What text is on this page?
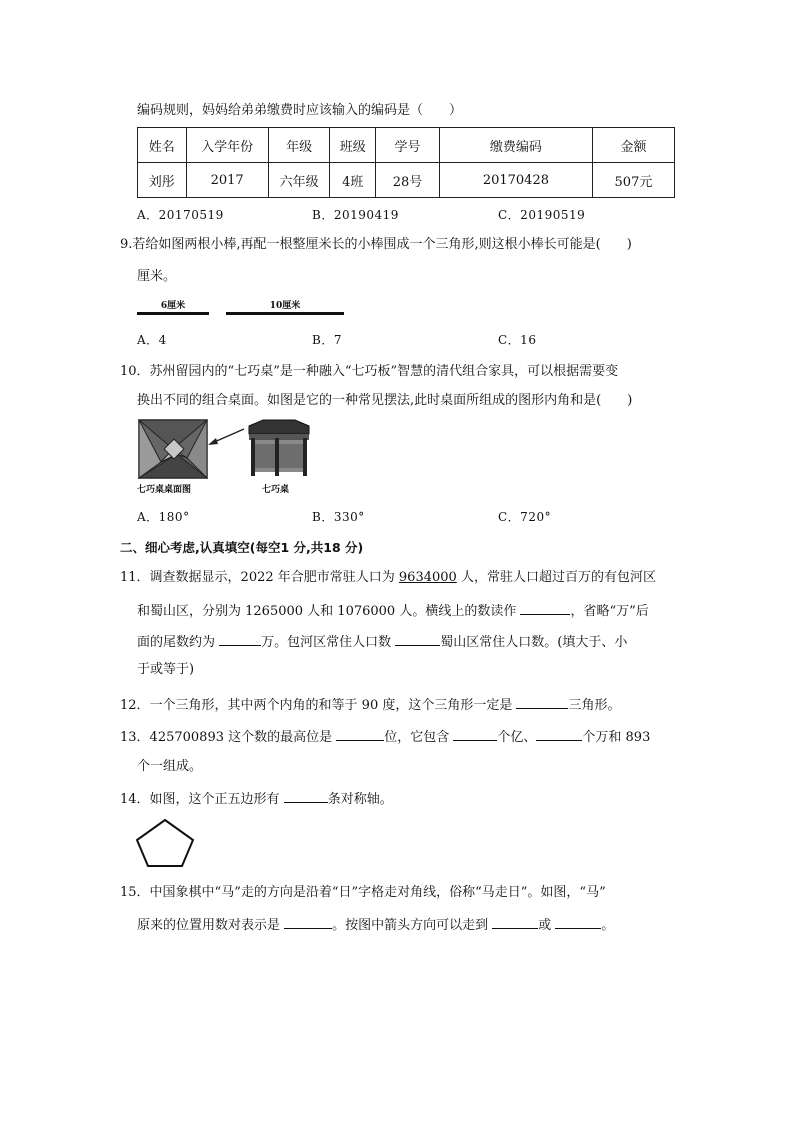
编码规则，妈妈给弟弟缴费时应该输入的编码是（　　）
姓名	入学年份	年级	班级	学号	缴费编码	金额
刘彤	2017	六年级	4班	28号	20170428	507元
A．20170519	B．20190419	C．20190519
9.若给如图两根小棒,再配一根整厘米长的小棒围成一个三角形,则这根小棒长可能是(　　)
厘米。
6厘米	10厘米
A．4	B．7	C．16
10．苏州留园内的“七巧桌”是一种融入“七巧板”智慧的清代组合家具，可以根据需要变
换出不同的组合桌面。如图是它的一种常见摆法,此时桌面所组成的图形内角和是(　　)
七巧桌桌面图	七巧桌
A．180°	B．330°	C．720°
二、细心考虑,认真填空(每空1 分,共18 分)
11．调查数据显示，2022 年合肥市常驻人口为 9634000 人，常驻人口超过百万的有包河区
和蜀山区，分别为 1265000 人和 1076000 人。横线上的数读作	，省略“万”后
面的尾数约为	万。包河区常住人口数	蜀山区常住人口数。(填大于、小
于或等于)
12．一个三角形，其中两个内角的和等于 90 度，这个三角形一定是	三角形。
13．425700893 这个数的最高位是	位，它包含	个亿、	个万和 893
个一组成。
14．如图，这个正五边形有	条对称轴。
15．中国象棋中“马”走的方向是沿着“日”字格走对角线，俗称“马走日”。如图，“马”
原来的位置用数对表示是	。按图中箭头方向可以走到	或	。
